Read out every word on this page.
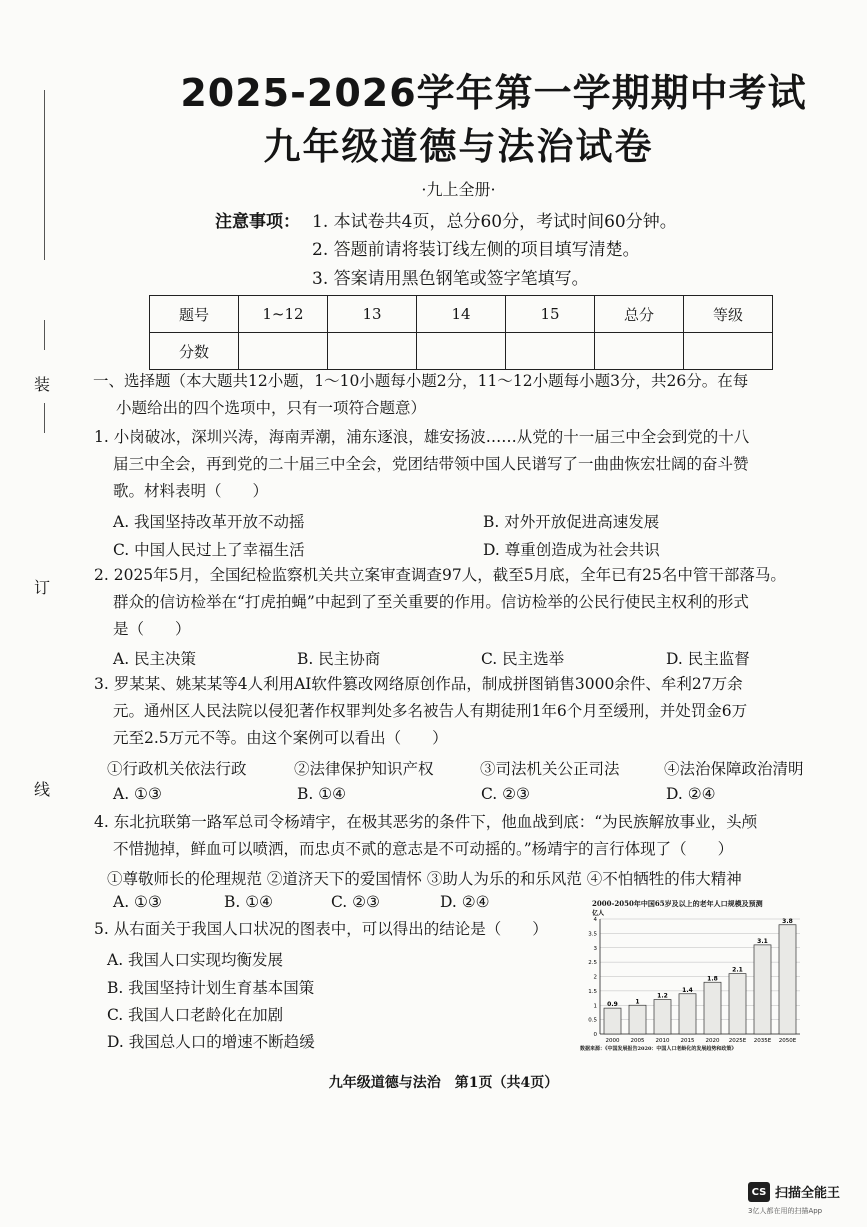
装
订
线
2025-2026学年第一学期期中考试
九年级道德与法治试卷
·九上全册·
注意事项： 1. 本试卷共4页，总分60分，考试时间60分钟。
2. 答题前请将装订线左侧的项目填写清楚。
3. 答案请用黑色钢笔或签字笔填写。
题号	1~12	13	14	15	总分	等级
分数						
一、选择题（本大题共12小题，1～10小题每小题2分，11～12小题每小题3分，共26分。在每
小题给出的四个选项中，只有一项符合题意）
1. 小岗破冰，深圳兴涛，海南弄潮，浦东逐浪，雄安扬波……从党的十一届三中全会到党的十八
届三中全会，再到党的二十届三中全会，党团结带领中国人民谱写了一曲曲恢宏壮阔的奋斗赞
歌。材料表明（　　）
A. 我国坚持改革开放不动摇	B. 对外开放促进高速发展
C. 中国人民过上了幸福生活	D. 尊重创造成为社会共识
2. 2025年5月，全国纪检监察机关共立案审查调查97人，截至5月底，全年已有25名中管干部落马。
群众的信访检举在“打虎拍蝇”中起到了至关重要的作用。信访检举的公民行使民主权利的形式
是（　　）
A. 民主决策	B. 民主协商	C. 民主选举	D. 民主监督
3. 罗某某、姚某某等4人利用AI软件篡改网络原创作品，制成拼图销售3000余件、牟利27万余
元。通州区人民法院以侵犯著作权罪判处多名被告人有期徒刑1年6个月至缓刑，并处罚金6万
元至2.5万元不等。由这个案例可以看出（　　）
①行政机关依法行政	②法律保护知识产权	③司法机关公正司法	④法治保障政治清明
A. ①③	B. ①④	C. ②③	D. ②④
4. 东北抗联第一路军总司令杨靖宇，在极其恶劣的条件下，他血战到底：“为民族解放事业，头颅
不惜抛掉，鲜血可以喷洒，而忠贞不贰的意志是不可动摇的。”杨靖宇的言行体现了（　　）
①尊敬师长的伦理规范 ②道济天下的爱国情怀 ③助人为乐的和乐风范 ④不怕牺牲的伟大精神
A. ①③	B. ①④	C. ②③	D. ②④
5. 从右面关于我国人口状况的图表中，可以得出的结论是（　　）
A. 我国人口实现均衡发展
B. 我国坚持计划生育基本国策
C. 我国人口老龄化在加剧
D. 我国总人口的增速不断趋缓
2000-2050年中国65岁及以上的老年人口规模及预测
亿人
0
0.5
1
1.5
2
2.5
3
3.5
4
0.9
2000
1
2005
1.2
2010
1.4
2015
1.8
2020
2.1
2025E
3.1
2035E
3.8
2050E
数据来源：《中国发展报告2020：中国人口老龄化的发展趋势和政策》
九年级道德与法治　第1页（共4页）
CS 扫描全能王
3亿人都在用的扫描App
